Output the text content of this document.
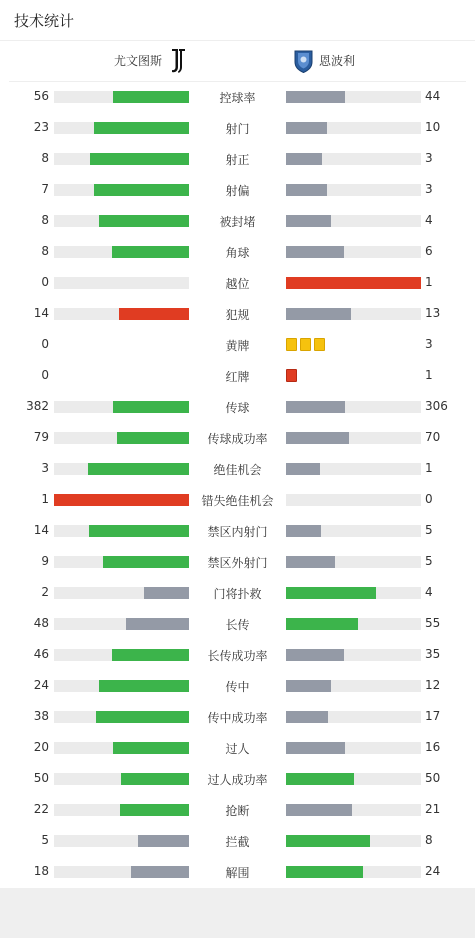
技术统计
尤文图斯	恩波利
56	控球率	44
23	射门	10
8	射正	3
7	射偏	3
8	被封堵	4
8	角球	6
0	越位	1
14	犯规	13
0	黄牌	3
0	红牌	1
382	传球	306
79	传球成功率	70
3	绝佳机会	1
1	错失绝佳机会	0
14	禁区内射门	5
9	禁区外射门	5
2	门将扑救	4
48	长传	55
46	长传成功率	35
24	传中	12
38	传中成功率	17
20	过人	16
50	过人成功率	50
22	抢断	21
5	拦截	8
18	解围	24
